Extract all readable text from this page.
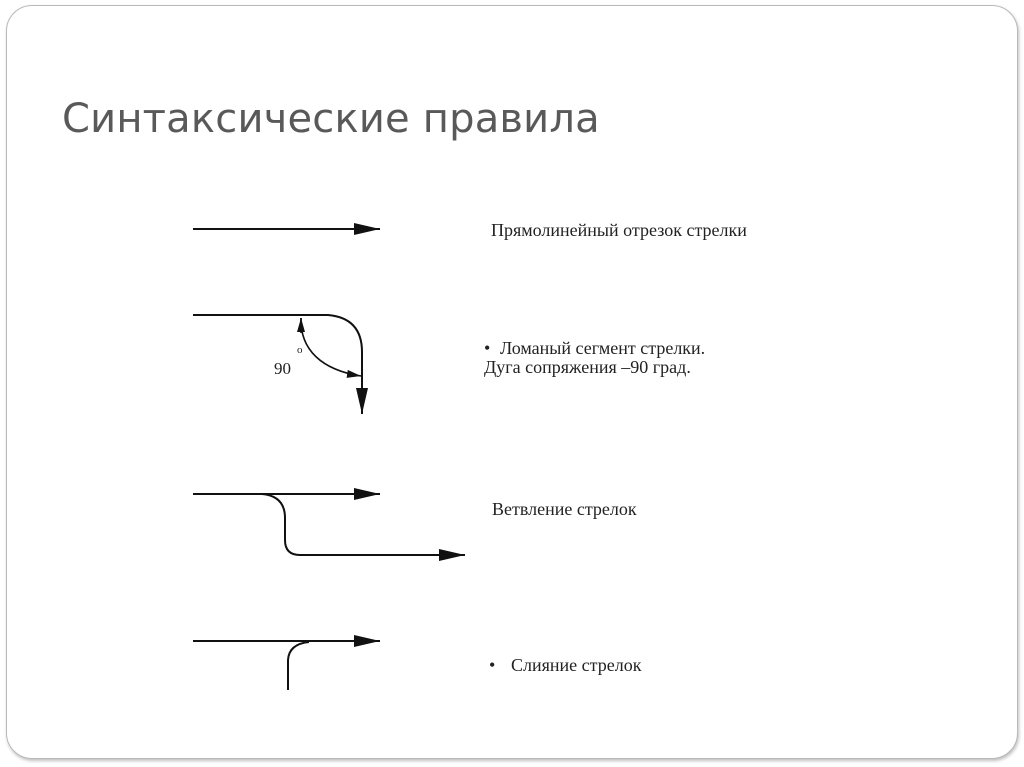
Синтаксические правила
90
о
Прямолинейный отрезок стрелки
• Ломаный сегмент стрелки.
Дуга сопряжения –90 град.
Ветвление стрелок
• Слияние стрелок
